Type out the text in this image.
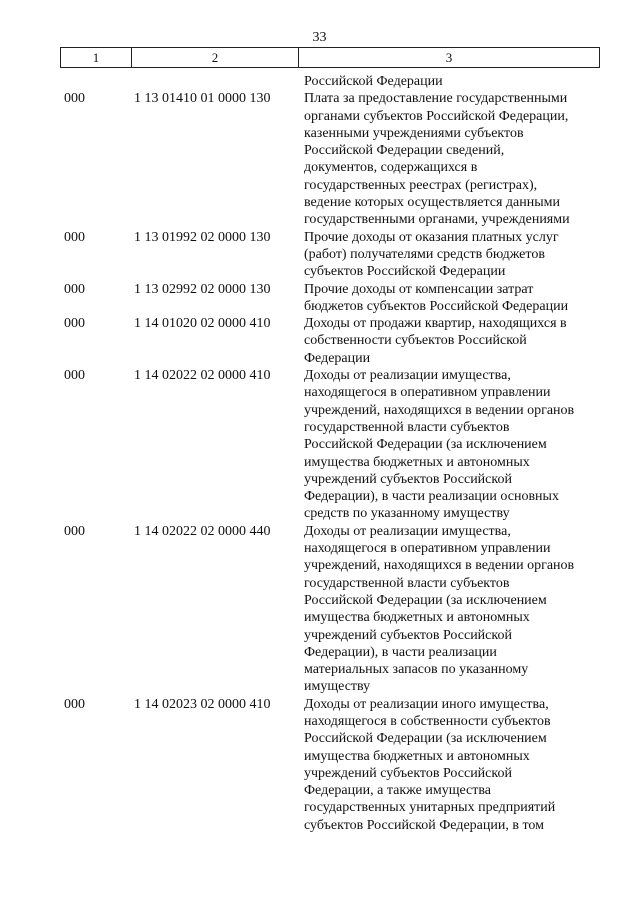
33
1	2	3
Российской Федерации
000	1 13 01410 01 0000 130	Плата за предоставление государственными
органами субъектов Российской Федерации,
казенными учреждениями субъектов
Российской Федерации сведений,
документов, содержащихся в
государственных реестрах (регистрах),
ведение которых осуществляется данными
государственными органами, учреждениями
000	1 13 01992 02 0000 130	Прочие доходы от оказания платных услуг
(работ) получателями средств бюджетов
субъектов Российской Федерации
000	1 13 02992 02 0000 130	Прочие доходы от компенсации затрат
бюджетов субъектов Российской Федерации
000	1 14 01020 02 0000 410	Доходы от продажи квартир, находящихся в
собственности субъектов Российской
Федерации
000	1 14 02022 02 0000 410	Доходы от реализации имущества,
находящегося в оперативном управлении
учреждений, находящихся в ведении органов
государственной власти субъектов
Российской Федерации (за исключением
имущества бюджетных и автономных
учреждений субъектов Российской
Федерации), в части реализации основных
средств по указанному имуществу
000	1 14 02022 02 0000 440	Доходы от реализации имущества,
находящегося в оперативном управлении
учреждений, находящихся в ведении органов
государственной власти субъектов
Российской Федерации (за исключением
имущества бюджетных и автономных
учреждений субъектов Российской
Федерации), в части реализации
материальных запасов по указанному
имуществу
000	1 14 02023 02 0000 410	Доходы от реализации иного имущества,
находящегося в собственности субъектов
Российской Федерации (за исключением
имущества бюджетных и автономных
учреждений субъектов Российской
Федерации, а также имущества
государственных унитарных предприятий
субъектов Российской Федерации, в том
